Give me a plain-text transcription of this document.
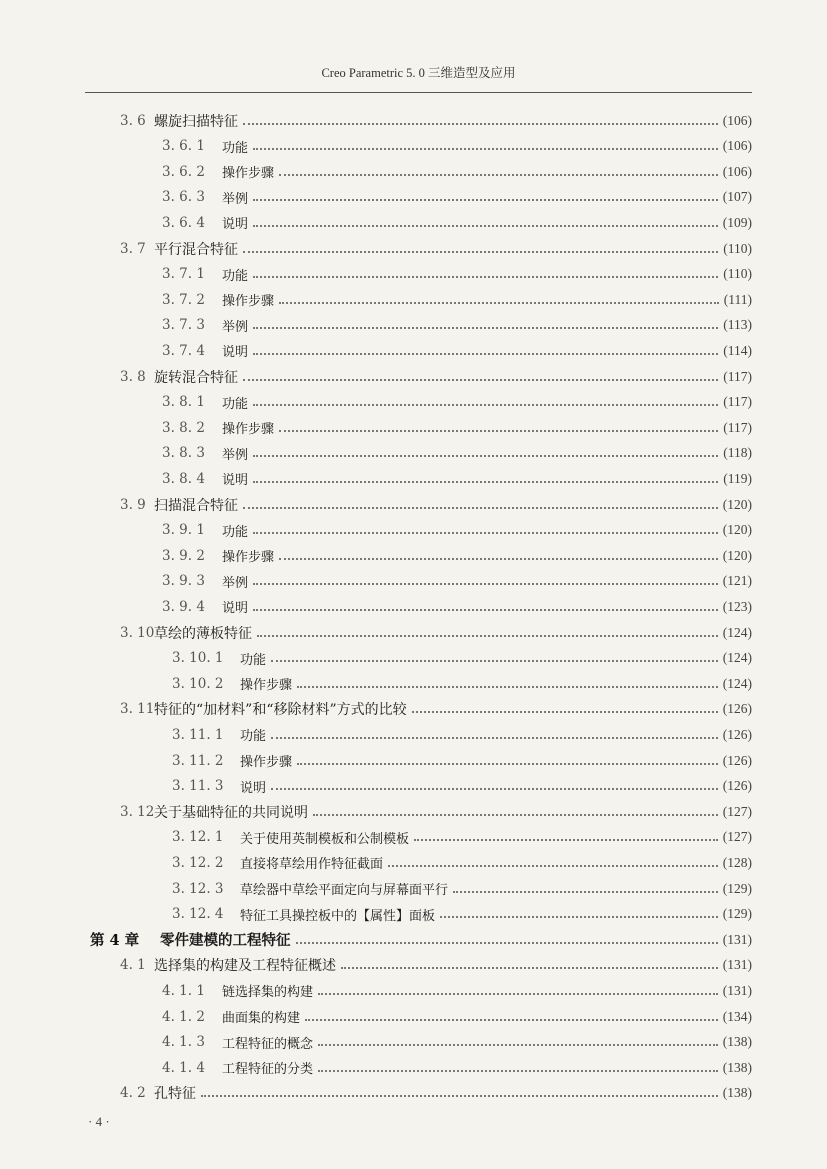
Creo Parametric 5. 0 三维造型及应用
3. 6 螺旋扫描特征	(106)
3. 6. 1	功能	(106)
3. 6. 2	操作步骤	(106)
3. 6. 3	举例	(107)
3. 6. 4	说明	(109)
3. 7 平行混合特征	(110)
3. 7. 1	功能	(110)
3. 7. 2	操作步骤	(111)
3. 7. 3	举例	(113)
3. 7. 4	说明	(114)
3. 8 旋转混合特征	(117)
3. 8. 1	功能	(117)
3. 8. 2	操作步骤	(117)
3. 8. 3	举例	(118)
3. 8. 4	说明	(119)
3. 9 扫描混合特征	(120)
3. 9. 1	功能	(120)
3. 9. 2	操作步骤	(120)
3. 9. 3	举例	(121)
3. 9. 4	说明	(123)
3. 10 草绘的薄板特征	(124)
3. 10. 1	功能	(124)
3. 10. 2	操作步骤	(124)
3. 11 特征的“加材料”和“移除材料”方式的比较	(126)
3. 11. 1	功能	(126)
3. 11. 2	操作步骤	(126)
3. 11. 3	说明	(126)
3. 12 关于基础特征的共同说明	(127)
3. 12. 1	关于使用英制模板和公制模板	(127)
3. 12. 2	直接将草绘用作特征截面	(128)
3. 12. 3	草绘器中草绘平面定向与屏幕面平行	(129)
3. 12. 4	特征工具操控板中的【属性】面板	(129)
第 4 章	零件建模的工程特征	(131)
4. 1 选择集的构建及工程特征概述	(131)
4. 1. 1	链选择集的构建	(131)
4. 1. 2	曲面集的构建	(134)
4. 1. 3	工程特征的概念	(138)
4. 1. 4	工程特征的分类	(138)
4. 2 孔特征	(138)
· 4 ·
